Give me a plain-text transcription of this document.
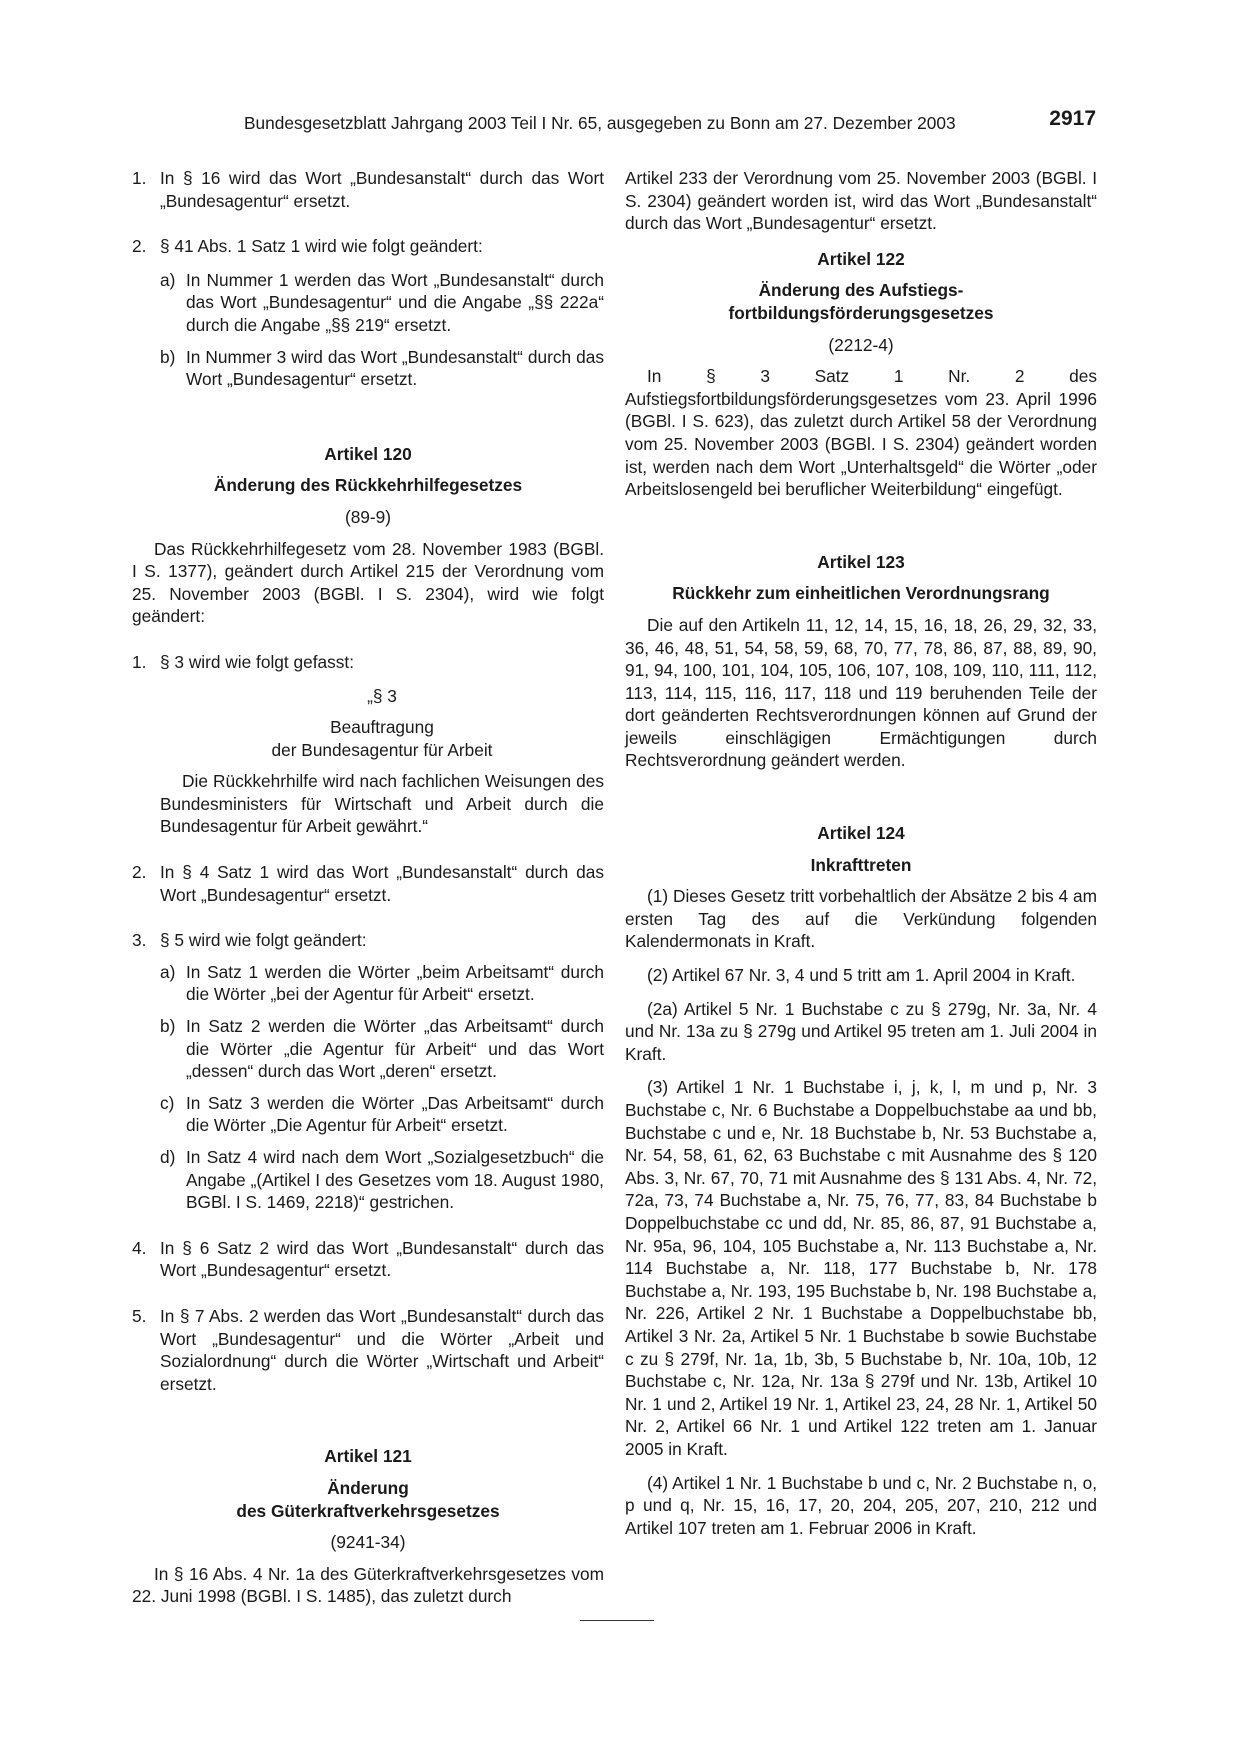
Bundesgesetzblatt Jahrgang 2003 Teil I Nr. 65, ausgegeben zu Bonn am 27. Dezember 2003	2917
1. In § 16 wird das Wort „Bundesanstalt“ durch das Wort „Bundesagentur“ ersetzt.
2. § 41 Abs. 1 Satz 1 wird wie folgt geändert:
a) In Nummer 1 werden das Wort „Bundesanstalt“ durch das Wort „Bundesagentur“ und die Angabe „§§ 222a“ durch die Angabe „§§ 219“ ersetzt.
b) In Nummer 3 wird das Wort „Bundesanstalt“ durch das Wort „Bundesagentur“ ersetzt.

Artikel 120

Änderung des Rückkehrhilfegesetzes

(89-9)

Das Rückkehrhilfegesetz vom 28. November 1983 (BGBl. I S. 1377), geändert durch Artikel 215 der Verordnung vom 25. November 2003 (BGBl. I S. 2304), wird wie folgt geändert:

1. § 3 wird wie folgt gefasst:

„§ 3

Beauftragung

der Bundesagentur für Arbeit

Die Rückkehrhilfe wird nach fachlichen Weisungen des Bundesministers für Wirtschaft und Arbeit durch die Bundesagentur für Arbeit gewährt.“

2. In § 4 Satz 1 wird das Wort „Bundesanstalt“ durch das Wort „Bundesagentur“ ersetzt.
3. § 5 wird wie folgt geändert:
a) In Satz 1 werden die Wörter „beim Arbeitsamt“ durch die Wörter „bei der Agentur für Arbeit“ ersetzt.
b) In Satz 2 werden die Wörter „das Arbeitsamt“ durch die Wörter „die Agentur für Arbeit“ und das Wort „dessen“ durch das Wort „deren“ ersetzt.
c) In Satz 3 werden die Wörter „Das Arbeitsamt“ durch die Wörter „Die Agentur für Arbeit“ ersetzt.
d) In Satz 4 wird nach dem Wort „Sozialgesetzbuch“ die Angabe „(Artikel I des Gesetzes vom 18. August 1980, BGBl. I S. 1469, 2218)“ gestrichen.
4. In § 6 Satz 2 wird das Wort „Bundesanstalt“ durch das Wort „Bundesagentur“ ersetzt.
5. In § 7 Abs. 2 werden das Wort „Bundesanstalt“ durch das Wort „Bundesagentur“ und die Wörter „Arbeit und Sozialordnung“ durch die Wörter „Wirtschaft und Arbeit“ ersetzt.

Artikel 121

Änderung

des Güterkraftverkehrsgesetzes

(9241-34)

In § 16 Abs. 4 Nr. 1a des Güterkraftverkehrsgesetzes vom 22. Juni 1998 (BGBl. I S. 1485), das zuletzt durch

Artikel 233 der Verordnung vom 25. November 2003 (BGBl. I S. 2304) geändert worden ist, wird das Wort „Bundesanstalt“ durch das Wort „Bundesagentur“ ersetzt.

Artikel 122

Änderung des Aufstiegs-

fortbildungsförderungsgesetzes

(2212-4)

In § 3 Satz 1 Nr. 2 des Aufstiegsfortbildungsförderungsgesetzes vom 23. April 1996 (BGBl. I S. 623), das zuletzt durch Artikel 58 der Verordnung vom 25. November 2003 (BGBl. I S. 2304) geändert worden ist, werden nach dem Wort „Unterhaltsgeld“ die Wörter „oder Arbeitslosengeld bei beruflicher Weiterbildung“ eingefügt.

Artikel 123

Rückkehr zum einheitlichen Verordnungsrang

Die auf den Artikeln 11, 12, 14, 15, 16, 18, 26, 29, 32, 33, 36, 46, 48, 51, 54, 58, 59, 68, 70, 77, 78, 86, 87, 88, 89, 90, 91, 94, 100, 101, 104, 105, 106, 107, 108, 109, 110, 111, 112, 113, 114, 115, 116, 117, 118 und 119 beruhenden Teile der dort geänderten Rechtsverordnungen können auf Grund der jeweils einschlägigen Ermächtigungen durch Rechtsverordnung geändert werden.

Artikel 124

Inkrafttreten

(1) Dieses Gesetz tritt vorbehaltlich der Absätze 2 bis 4 am ersten Tag des auf die Verkündung folgenden Kalendermonats in Kraft.

(2) Artikel 67 Nr. 3, 4 und 5 tritt am 1. April 2004 in Kraft.

(2a) Artikel 5 Nr. 1 Buchstabe c zu § 279g, Nr. 3a, Nr. 4 und Nr. 13a zu § 279g und Artikel 95 treten am 1. Juli 2004 in Kraft.

(3) Artikel 1 Nr. 1 Buchstabe i, j, k, l, m und p, Nr. 3 Buchstabe c, Nr. 6 Buchstabe a Doppelbuchstabe aa und bb, Buchstabe c und e, Nr. 18 Buchstabe b, Nr. 53 Buchstabe a, Nr. 54, 58, 61, 62, 63 Buchstabe c mit Ausnahme des § 120 Abs. 3, Nr. 67, 70, 71 mit Ausnahme des § 131 Abs. 4, Nr. 72, 72a, 73, 74 Buchstabe a, Nr. 75, 76, 77, 83, 84 Buchstabe b Doppelbuchstabe cc und dd, Nr. 85, 86, 87, 91 Buchstabe a, Nr. 95a, 96, 104, 105 Buchstabe a, Nr. 113 Buchstabe a, Nr. 114 Buchstabe a, Nr. 118, 177 Buchstabe b, Nr. 178 Buchstabe a, Nr. 193, 195 Buchstabe b, Nr. 198 Buchstabe a, Nr. 226, Artikel 2 Nr. 1 Buchstabe a Doppelbuchstabe bb, Artikel 3 Nr. 2a, Artikel 5 Nr. 1 Buchstabe b sowie Buchstabe c zu § 279f, Nr. 1a, 1b, 3b, 5 Buchstabe b, Nr. 10a, 10b, 12 Buchstabe c, Nr. 12a, Nr. 13a § 279f und Nr. 13b, Artikel 10 Nr. 1 und 2, Artikel 19 Nr. 1, Artikel 23, 24, 28 Nr. 1, Artikel 50 Nr. 2, Artikel 66 Nr. 1 und Artikel 122 treten am 1. Januar 2005 in Kraft.

(4) Artikel 1 Nr. 1 Buchstabe b und c, Nr. 2 Buchstabe n, o, p und q, Nr. 15, 16, 17, 20, 204, 205, 207, 210, 212 und Artikel 107 treten am 1. Februar 2006 in Kraft.
